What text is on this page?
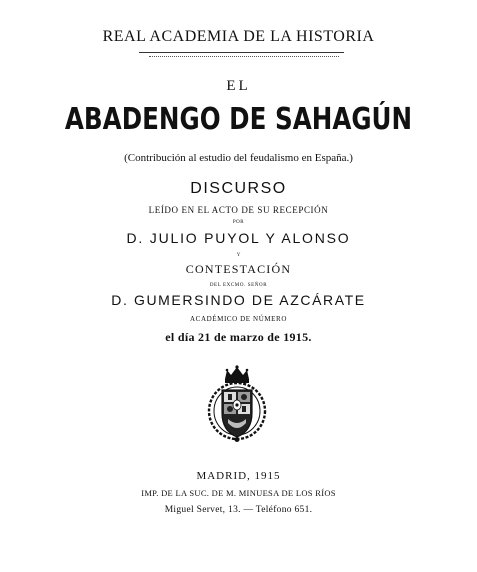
REAL ACADEMIA DE LA HISTORIA
EL
ABADENGO DE SAHAGÚN
(Contribución al estudio del feudalismo en España.)
DISCURSO
LEÍDO EN EL ACTO DE SU RECEPCIÓN
POR
D. JULIO PUYOL Y ALONSO
Y
CONTESTACIÓN
DEL EXCMO. SEÑOR
D. GUMERSINDO DE AZCÁRATE
ACADÉMICO DE NÚMERO
el día 21 de marzo de 1915.
MADRID, 1915
IMP. DE LA SUC. DE M. MINUESA DE LOS RÍOS
Miguel Servet, 13. — Teléfono 651.
